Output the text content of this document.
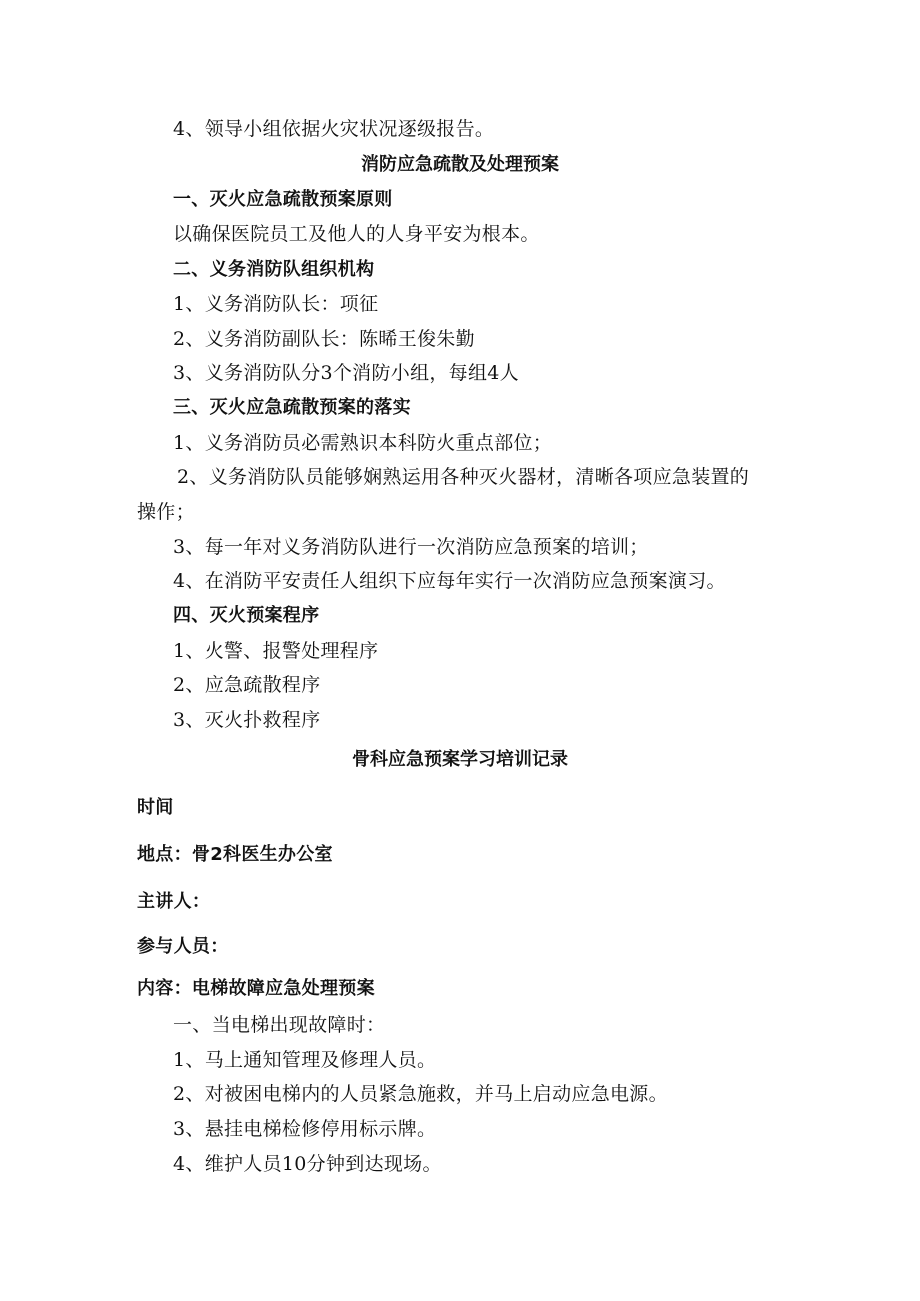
4、领导小组依据火灾状况逐级报告。
消防应急疏散及处理预案
一、灭火应急疏散预案原则
以确保医院员工及他人的人身平安为根本。
二、义务消防队组织机构
1、义务消防队长：项征
2、义务消防副队长：陈晞王俊朱勤
3、义务消防队分3个消防小组，每组4人
三、灭火应急疏散预案的落实
1、义务消防员必需熟识本科防火重点部位；
2、义务消防队员能够娴熟运用各种灭火器材，清晰各项应急装置的
操作；
3、每一年对义务消防队进行一次消防应急预案的培训；
4、在消防平安责任人组织下应每年实行一次消防应急预案演习。
四、灭火预案程序
1、火警、报警处理程序
2、应急疏散程序
3、灭火扑救程序
骨科应急预案学习培训记录
时间
地点：骨2科医生办公室
主讲人：
参与人员：
内容：电梯故障应急处理预案
一、当电梯出现故障时：
1、马上通知管理及修理人员。
2、对被困电梯内的人员紧急施救，并马上启动应急电源。
3、悬挂电梯检修停用标示牌。
4、维护人员10分钟到达现场。
